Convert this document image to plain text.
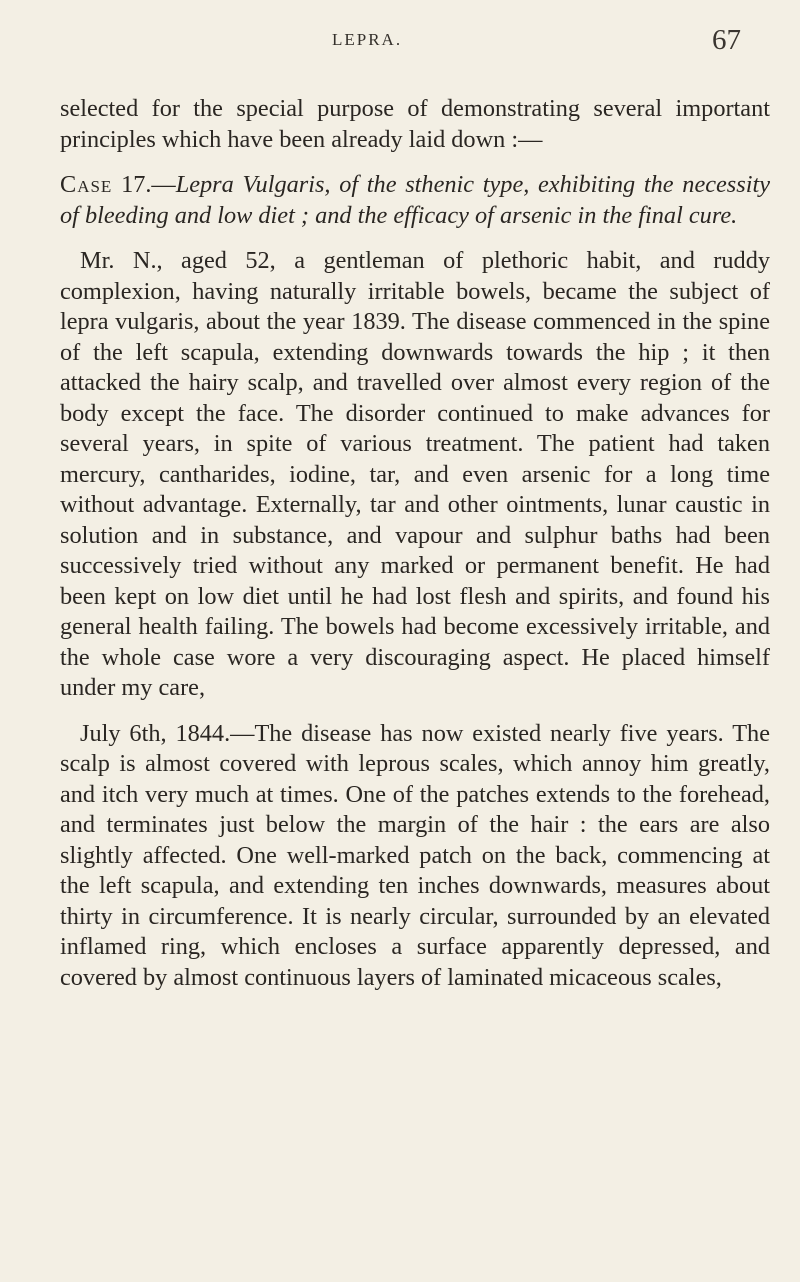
LEPRA.	67

selected for the special purpose of demonstrating several important principles which have been already laid down :—

Case 17.—Lepra Vulgaris, of the sthenic type, exhibiting the necessity of bleeding and low diet ; and the efficacy of arsenic in the final cure.

Mr. N., aged 52, a gentleman of plethoric habit, and ruddy complexion, having naturally irritable bowels, became the subject of lepra vulgaris, about the year 1839. The disease commenced in the spine of the left scapula, extending downwards towards the hip ; it then attacked the hairy scalp, and travelled over almost every region of the body except the face. The disorder continued to make advances for several years, in spite of various treatment. The patient had taken mercury, cantharides, iodine, tar, and even arsenic for a long time without advantage. Externally, tar and other ointments, lunar caustic in solution and in substance, and vapour and sulphur baths had been successively tried without any marked or permanent benefit. He had been kept on low diet until he had lost flesh and spirits, and found his general health failing. The bowels had become excessively irritable, and the whole case wore a very discouraging aspect. He placed himself under my care,

July 6th, 1844.—The disease has now existed nearly five years. The scalp is almost covered with leprous scales, which annoy him greatly, and itch very much at times. One of the patches extends to the forehead, and terminates just below the margin of the hair : the ears are also slightly affected. One well-marked patch on the back, commencing at the left scapula, and extending ten inches downwards, measures about thirty in circumference. It is nearly circular, surrounded by an elevated inflamed ring, which encloses a surface apparently depressed, and covered by almost continuous layers of laminated micaceous scales,
